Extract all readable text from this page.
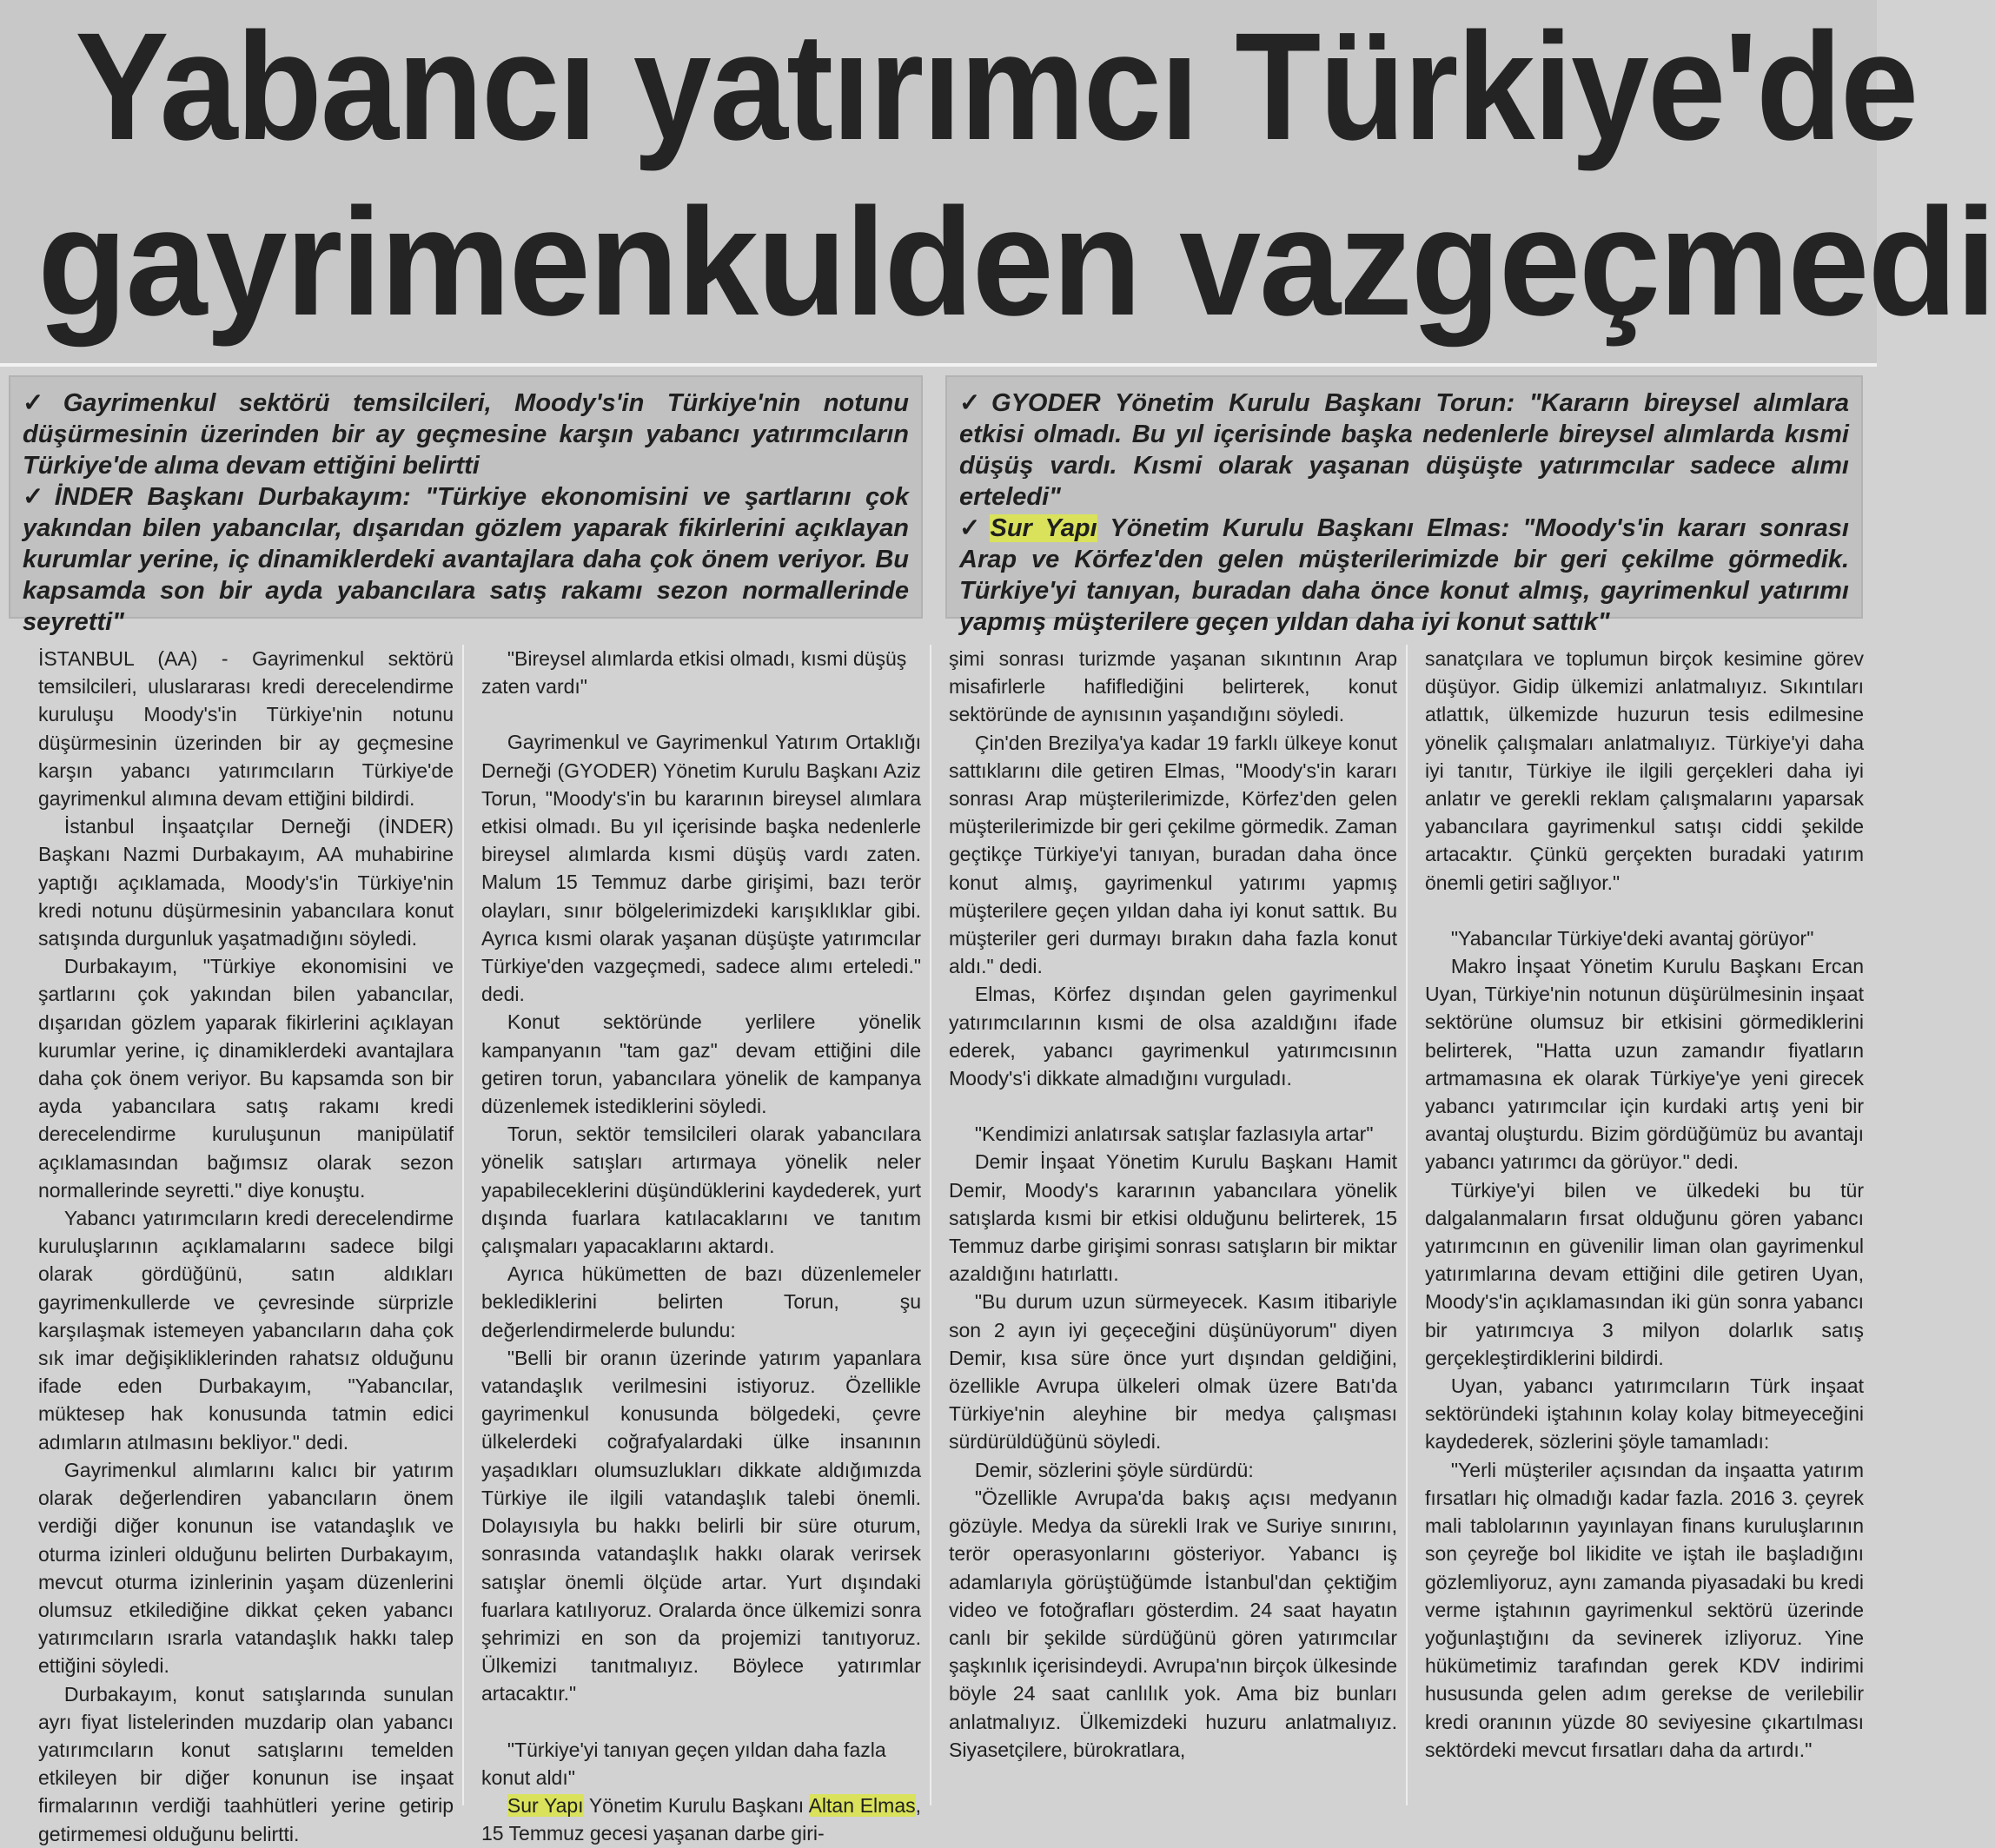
Yabancı yatırımcı Türkiye'de
gayrimenkulden vazgeçmedi

✓ Gayrimenkul sektörü temsilcileri, Moody's'in Türkiye'nin notunu düşürmesinin üzerinden bir ay geçmesine karşın yabancı yatırımcıların Türkiye'de alıma devam ettiğini belirtti

✓ İNDER Başkanı Durbakayım: "Türkiye ekonomisini ve şartlarını çok yakından bilen yabancılar, dışarıdan gözlem yaparak fikirlerini açıklayan kurumlar yerine, iç dinamiklerdeki avantajlara daha çok önem veriyor. Bu kapsamda son bir ayda yabancılara satış rakamı sezon normallerinde seyretti"

✓ GYODER Yönetim Kurulu Başkanı Torun: "Kararın bireysel alımlara etkisi olmadı. Bu yıl içerisinde başka nedenlerle bireysel alımlarda kısmi düşüş vardı. Kısmi olarak yaşanan düşüşte yatırımcılar sadece alımı erteledi"

✓ Sur Yapı Yönetim Kurulu Başkanı Elmas: "Moody's'in kararı sonrası Arap ve Körfez'den gelen müşterilerimizde bir geri çekilme görmedik. Türkiye'yi tanıyan, buradan daha önce konut almış, gayrimenkul yatırımı yapmış müşterilere geçen yıldan daha iyi konut sattık"

İSTANBUL (AA) - Gayrimenkul sektörü temsilcileri, uluslararası kredi derecelendirme kuruluşu Moody's'in Türkiye'nin notunu düşürmesinin üzerinden bir ay geçmesine karşın yabancı yatırımcıların Türkiye'de gayrimenkul alımına devam ettiğini bildirdi.

İstanbul İnşaatçılar Derneği (İNDER) Başkanı Nazmi Durbakayım, AA muhabirine yaptığı açıklamada, Moody's'in Türkiye'nin kredi notunu düşürmesinin yabancılara konut satışında durgunluk yaşatmadığını söyledi.

Durbakayım, "Türkiye ekonomisini ve şartlarını çok yakından bilen yabancılar, dışarıdan gözlem yaparak fikirlerini açıklayan kurumlar yerine, iç dinamiklerdeki avantajlara daha çok önem veriyor. Bu kapsamda son bir ayda yabancılara satış rakamı kredi derecelendirme kuruluşunun manipülatif açıklamasından bağımsız olarak sezon normallerinde seyretti." diye konuştu.

Yabancı yatırımcıların kredi derecelendirme kuruluşlarının açıklamalarını sadece bilgi olarak gördüğünü, satın aldıkları gayrimenkullerde ve çevresinde sürprizle karşılaşmak istemeyen yabancıların daha çok sık imar değişikliklerinden rahatsız olduğunu ifade eden Durbakayım, "Yabancılar, müktesep hak konusunda tatmin edici adımların atılmasını bekliyor." dedi.

Gayrimenkul alımlarını kalıcı bir yatırım olarak değerlendiren yabancıların önem verdiği diğer konunun ise vatandaşlık ve oturma izinleri olduğunu belirten Durbakayım, mevcut oturma izinlerinin yaşam düzenlerini olumsuz etkilediğine dikkat çeken yabancı yatırımcıların ısrarla vatandaşlık hakkı talep ettiğini söyledi.

Durbakayım, konut satışlarında sunulan ayrı fiyat listelerinden muzdarip olan yabancı yatırımcıların konut satışlarını temelden etkileyen bir diğer konunun ise inşaat firmalarının verdiği taahhütleri yerine getirip getirmemesi olduğunu belirtti.

"Bireysel alımlarda etkisi olmadı, kısmi düşüş zaten vardı"

Gayrimenkul ve Gayrimenkul Yatırım Ortaklığı Derneği (GYODER) Yönetim Kurulu Başkanı Aziz Torun, "Moody's'in bu kararının bireysel alımlara etkisi olmadı. Bu yıl içerisinde başka nedenlerle bireysel alımlarda kısmi düşüş vardı zaten. Malum 15 Temmuz darbe girişimi, bazı terör olayları, sınır bölgelerimizdeki karışıklıklar gibi. Ayrıca kısmi olarak yaşanan düşüşte yatırımcılar Türkiye'den vazgeçmedi, sadece alımı erteledi." dedi.

Konut sektöründe yerlilere yönelik kampanyanın "tam gaz" devam ettiğini dile getiren torun, yabancılara yönelik de kampanya düzenlemek istediklerini söyledi.

Torun, sektör temsilcileri olarak yabancılara yönelik satışları artırmaya yönelik neler yapabileceklerini düşündüklerini kaydederek, yurt dışında fuarlara katılacaklarını ve tanıtım çalışmaları yapacaklarını aktardı.

Ayrıca hükümetten de bazı düzenlemeler beklediklerini belirten Torun, şu değerlendirmelerde bulundu:

"Belli bir oranın üzerinde yatırım yapanlara vatandaşlık verilmesini istiyoruz. Özellikle gayrimenkul konusunda bölgedeki, çevre ülkelerdeki coğrafyalardaki ülke insanının yaşadıkları olumsuzlukları dikkate aldığımızda Türkiye ile ilgili vatandaşlık talebi önemli. Dolayısıyla bu hakkı belirli bir süre oturum, sonrasında vatandaşlık hakkı olarak verirsek satışlar önemli ölçüde artar. Yurt dışındaki fuarlara katılıyoruz. Oralarda önce ülkemizi sonra şehrimizi en son da projemizi tanıtıyoruz. Ülkemizi tanıtmalıyız. Böylece yatırımlar artacaktır."

"Türkiye'yi tanıyan geçen yıldan daha fazla konut aldı"

Sur Yapı Yönetim Kurulu Başkanı Altan Elmas, 15 Temmuz gecesi yaşanan darbe giri-

şimi sonrası turizmde yaşanan sıkıntının Arap misafirlerle hafiflediğini belirterek, konut sektöründe de aynısının yaşandığını söyledi.

Çin'den Brezilya'ya kadar 19 farklı ülkeye konut sattıklarını dile getiren Elmas, "Moody's'in kararı sonrası Arap müşterilerimizde, Körfez'den gelen müşterilerimizde bir geri çekilme görmedik. Zaman geçtikçe Türkiye'yi tanıyan, buradan daha önce konut almış, gayrimenkul yatırımı yapmış müşterilere geçen yıldan daha iyi konut sattık. Bu müşteriler geri durmayı bırakın daha fazla konut aldı." dedi.

Elmas, Körfez dışından gelen gayrimenkul yatırımcılarının kısmi de olsa azaldığını ifade ederek, yabancı gayrimenkul yatırımcısının Moody's'i dikkate almadığını vurguladı.

"Kendimizi anlatırsak satışlar fazlasıyla artar"

Demir İnşaat Yönetim Kurulu Başkanı Hamit Demir, Moody's kararının yabancılara yönelik satışlarda kısmi bir etkisi olduğunu belirterek, 15 Temmuz darbe girişimi sonrası satışların bir miktar azaldığını hatırlattı.

"Bu durum uzun sürmeyecek. Kasım itibariyle son 2 ayın iyi geçeceğini düşünüyorum" diyen Demir, kısa süre önce yurt dışından geldiğini, özellikle Avrupa ülkeleri olmak üzere Batı'da Türkiye'nin aleyhine bir medya çalışması sürdürüldüğünü söyledi.

Demir, sözlerini şöyle sürdürdü:

"Özellikle Avrupa'da bakış açısı medyanın gözüyle. Medya da sürekli Irak ve Suriye sınırını, terör operasyonlarını gösteriyor. Yabancı iş adamlarıyla görüştüğümde İstanbul'dan çektiğim video ve fotoğrafları gösterdim. 24 saat hayatın canlı bir şekilde sürdüğünü gören yatırımcılar şaşkınlık içerisindeydi. Avrupa'nın birçok ülkesinde böyle 24 saat canlılık yok. Ama biz bunları anlatmalıyız. Ülkemizdeki huzuru anlatmalıyız. Siyasetçilere, bürokratlara,

sanatçılara ve toplumun birçok kesimine görev düşüyor. Gidip ülkemizi anlatmalıyız. Sıkıntıları atlattık, ülkemizde huzurun tesis edilmesine yönelik çalışmaları anlatmalıyız. Türkiye'yi daha iyi tanıtır, Türkiye ile ilgili gerçekleri daha iyi anlatır ve gerekli reklam çalışmalarını yaparsak yabancılara gayrimenkul satışı ciddi şekilde artacaktır. Çünkü gerçekten buradaki yatırım önemli getiri sağlıyor."

"Yabancılar Türkiye'deki avantaj görüyor"

Makro İnşaat Yönetim Kurulu Başkanı Ercan Uyan, Türkiye'nin notunun düşürülmesinin inşaat sektörüne olumsuz bir etkisini görmediklerini belirterek, "Hatta uzun zamandır fiyatların artmamasına ek olarak Türkiye'ye yeni girecek yabancı yatırımcılar için kurdaki artış yeni bir avantaj oluşturdu. Bizim gördüğümüz bu avantajı yabancı yatırımcı da görüyor." dedi.

Türkiye'yi bilen ve ülkedeki bu tür dalgalanmaların fırsat olduğunu gören yabancı yatırımcının en güvenilir liman olan gayrimenkul yatırımlarına devam ettiğini dile getiren Uyan, Moody's'in açıklamasından iki gün sonra yabancı bir yatırımcıya 3 milyon dolarlık satış gerçekleştirdiklerini bildirdi.

Uyan, yabancı yatırımcıların Türk inşaat sektöründeki iştahının kolay kolay bitmeyeceğini kaydederek, sözlerini şöyle tamamladı:

"Yerli müşteriler açısından da inşaatta yatırım fırsatları hiç olmadığı kadar fazla. 2016 3. çeyrek mali tablolarının yayınlayan finans kuruluşlarının son çeyreğe bol likidite ve iştah ile başladığını gözlemliyoruz, aynı zamanda piyasadaki bu kredi verme iştahının gayrimenkul sektörü üzerinde yoğunlaştığını da sevinerek izliyoruz. Yine hükümetimiz tarafından gerek KDV indirimi hususunda gelen adım gerekse de verilebilir kredi oranının yüzde 80 seviyesine çıkartılması sektördeki mevcut fırsatları daha da artırdı."
